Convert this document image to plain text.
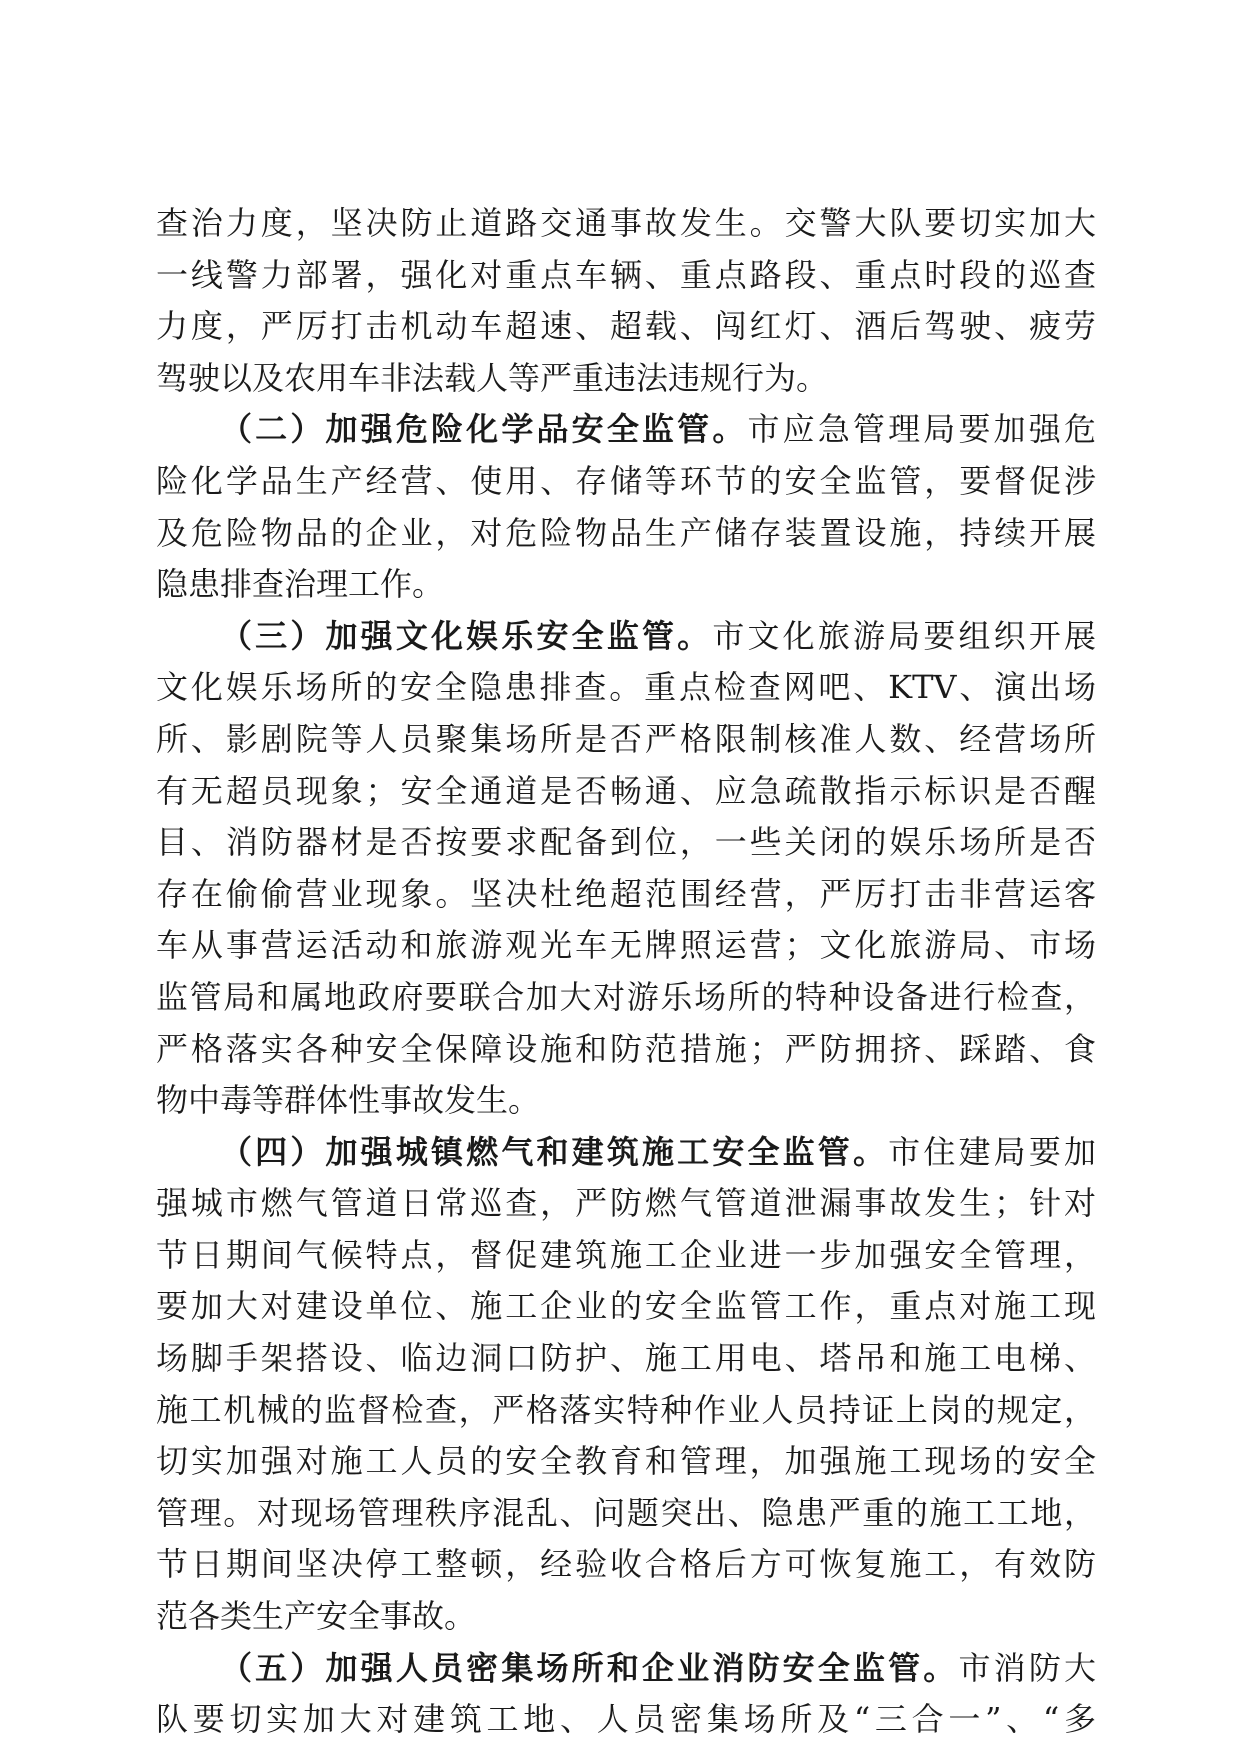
查治力度，坚决防止道路交通事故发生。交警大队要切实加大
一线警力部署，强化对重点车辆、重点路段、重点时段的巡查
力度，严厉打击机动车超速、超载、闯红灯、酒后驾驶、疲劳
驾驶以及农用车非法载人等严重违法违规行为。
（二）加强危险化学品安全监管。市应急管理局要加强危
险化学品生产经营、使用、存储等环节的安全监管，要督促涉
及危险物品的企业，对危险物品生产储存装置设施，持续开展
隐患排查治理工作。
（三）加强文化娱乐安全监管。市文化旅游局要组织开展
文化娱乐场所的安全隐患排查。重点检查网吧、KTV、演出场
所、影剧院等人员聚集场所是否严格限制核准人数、经营场所
有无超员现象；安全通道是否畅通、应急疏散指示标识是否醒
目、消防器材是否按要求配备到位，一些关闭的娱乐场所是否
存在偷偷营业现象。坚决杜绝超范围经营，严厉打击非营运客
车从事营运活动和旅游观光车无牌照运营；文化旅游局、市场
监管局和属地政府要联合加大对游乐场所的特种设备进行检查，
严格落实各种安全保障设施和防范措施；严防拥挤、踩踏、食
物中毒等群体性事故发生。
（四）加强城镇燃气和建筑施工安全监管。市住建局要加
强城市燃气管道日常巡查，严防燃气管道泄漏事故发生；针对
节日期间气候特点，督促建筑施工企业进一步加强安全管理，
要加大对建设单位、施工企业的安全监管工作，重点对施工现
场脚手架搭设、临边洞口防护、施工用电、塔吊和施工电梯、
施工机械的监督检查，严格落实特种作业人员持证上岗的规定，
切实加强对施工人员的安全教育和管理，加强施工现场的安全
管理。对现场管理秩序混乱、问题突出、隐患严重的施工工地，
节日期间坚决停工整顿，经验收合格后方可恢复施工，有效防
范各类生产安全事故。
（五）加强人员密集场所和企业消防安全监管。市消防大
队要切实加大对建筑工地、人员密集场所及“三合一”、“多
